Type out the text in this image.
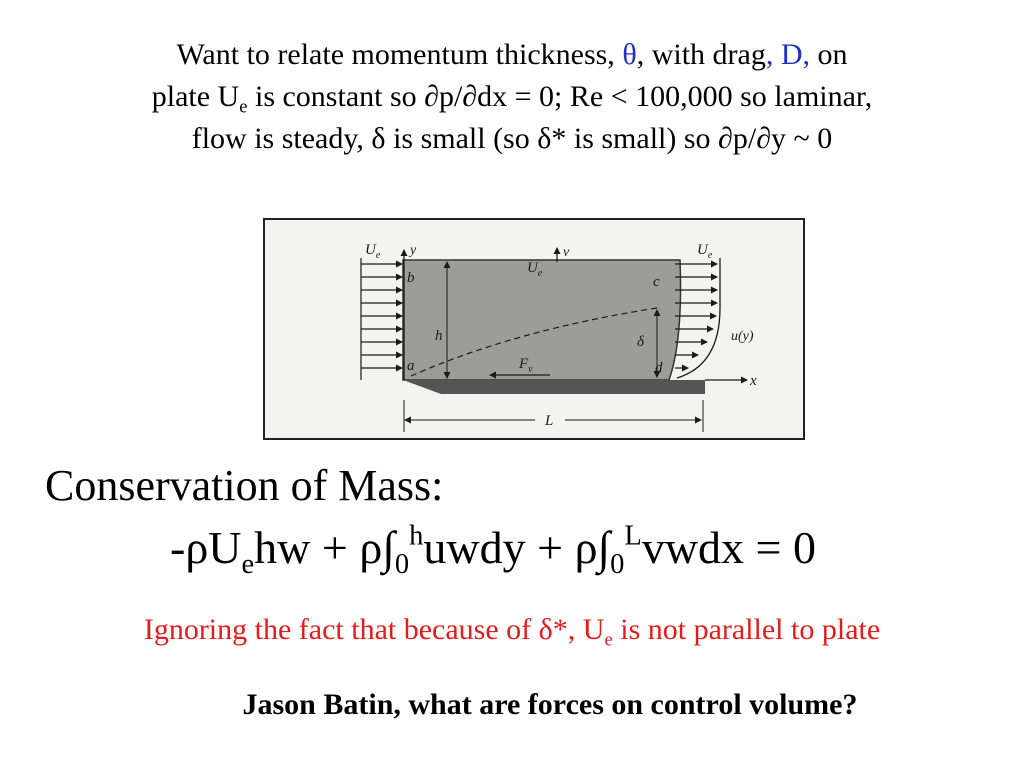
Want to relate momentum thickness, θ, with drag, D, on
plate $U_e$ is constant so ∂p/∂dx = 0; Re < 100,000 so laminar,
flow is steady, δ is small (so δ* is small) so ∂p/∂y ~ 0
$U_e$ y
b
h
a
$U_e$
v
$F_v$
δ
$U_e$
c
d
u(y)
x
L
Conservation of Mass:
$-\rho U_ehw$ + $\rho\int_0^huwdy$ + $\rho\int_0^Lvwdx = 0$
Ignoring the fact that because of δ*, $U_e$ is not parallel to plate
Jason Batin, what are forces on control volume?
